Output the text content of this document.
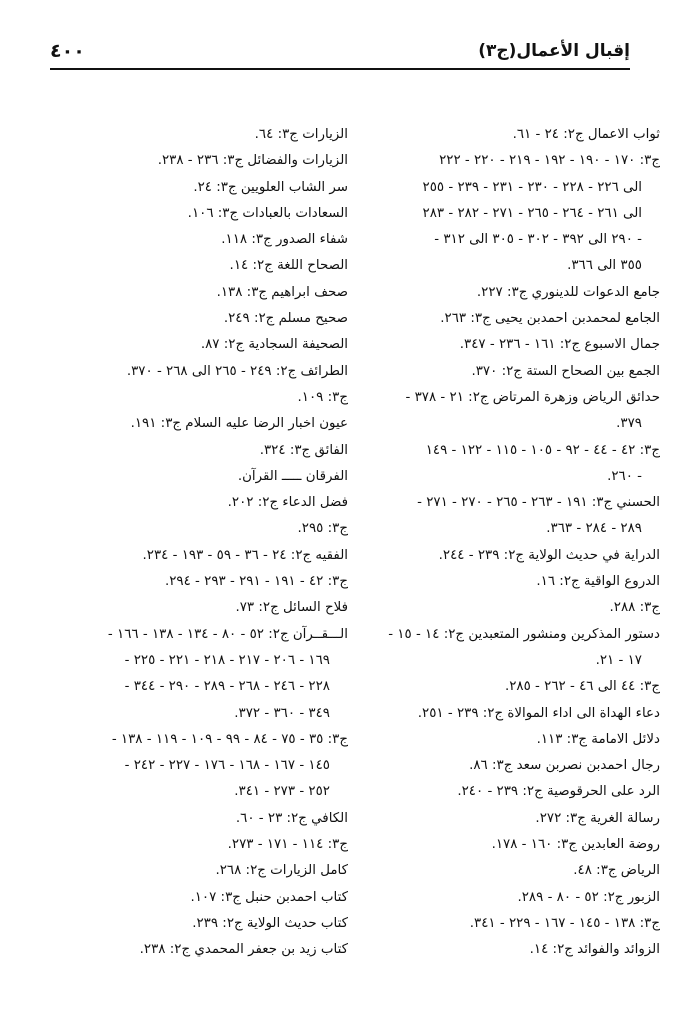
إقبال الأعمال(ج٣)
٤٠٠
ثواب الاعمال ج٢: ٢٤ - ٦١.
ج٣: ١٧٠ - ١٩٠ - ١٩٢ - ٢١٩ - ٢٢٠ - ٢٢٢
الى ٢٢٦ - ٢٢٨ - ٢٣٠ - ٢٣١ - ٢٣٩ - ٢٥٥
الى ٢٦١ - ٢٦٤ - ٢٦٥ - ٢٧١ - ٢٨٢ - ٢٨٣
- ٢٩٠ الى ٣٩٢ - ٣٠٢ - ٣٠٥ الى ٣١٢ -
٣٥٥ الى ٣٦٦.
جامع الدعوات للدينوري ج٣: ٢٢٧.
الجامع لمحمدبن احمدبن يحيى ج٣: ٢٦٣.
جمال الاسبوع ج٢: ١٦١ - ٢٣٦ - ٣٤٧.
الجمع بين الصحاح الستة ج٢: ٣٧٠.
حدائق الرياض وزهرة المرتاض ج٢: ٢١ - ٣٧٨ -
٣٧٩.
ج٣: ٤٢ - ٤٤ - ٩٢ - ١٠٥ - ١١٥ - ١٢٢ - ١٤٩
- ٢٦٠.
الحسني ج٣: ١٩١ - ٢٦٣ - ٢٦٥ - ٢٧٠ - ٢٧١ -
٢٨٩ - ٢٨٤ - ٣٦٣.
الدراية في حديث الولاية ج٢: ٢٣٩ - ٢٤٤.
الدروع الواقية ج٢: ١٦.
ج٣: ٢٨٨.
دستور المذكرين ومنشور المتعبدين ج٢: ١٤ - ١٥ -
١٧ - ٢١.
ج٣: ٤٤ الى ٤٦ - ٢٦٢ - ٢٨٥.
دعاء الهداة الى اداء الموالاة ج٢: ٢٣٩ - ٢٥١.
دلائل الامامة ج٣: ١١٣.
رجال احمدبن نصربن سعد ج٣: ٨٦.
الرد على الحرقوصية ج٢: ٢٣٩ - ٢٤٠.
رسالة الغرية ج٣: ٢٧٢.
روضة العابدين ج٣: ١٦٠ - ١٧٨.
الرياض ج٣: ٤٨.
الزبور ج٢: ٥٢ - ٨٠ - ٢٨٩.
ج٣: ١٣٨ - ١٤٥ - ١٦٧ - ٢٢٩ - ٣٤١.
الزوائد والفوائد ج٢: ١٤.
الزيارات ج٣: ٦٤.
الزيارات والفضائل ج٣: ٢٣٦ - ٢٣٨.
سر الشاب العلويين ج٣: ٢٤.
السعادات بالعبادات ج٣: ١٠٦.
شفاء الصدور ج٣: ١١٨.
الصحاح اللغة ج٢: ١٤.
صحف ابراهيم ج٣: ١٣٨.
صحيح مسلم ج٢: ٢٤٩.
الصحيفة السجادية ج٢: ٨٧.
الطرائف ج٢: ٢٤٩ - ٢٦٥ الى ٢٦٨ - ٣٧٠.
ج٣: ١٠٩.
عيون اخبار الرضا عليه السلام ج٣: ١٩١.
الفائق ج٣: ٣٢٤.
الفرقان ـــــ القرآن.
فضل الدعاء ج٢: ٢٠٢.
ج٣: ٢٩٥.
الفقيه ج٢: ٢٤ - ٣٦ - ٥٩ - ١٩٣ - ٢٣٤.
ج٣: ٤٢ - ١٩١ - ٢٩١ - ٢٩٣ - ٢٩٤.
فلاح السائل ج٢: ٧٣.
الـــقــرآن ج٢: ٥٢ - ٨٠ - ١٣٤ - ١٣٨ - ١٦٦ -
١٦٩ - ٢٠٦ - ٢١٧ - ٢١٨ - ٢٢١ - ٢٢٥ -
٢٢٨ - ٢٤٦ - ٢٦٨ - ٢٨٩ - ٢٩٠ - ٣٤٤ -
٣٤٩ - ٣٦٠ - ٣٧٢.
ج٣: ٣٥ - ٧٥ - ٨٤ - ٩٩ - ١٠٩ - ١١٩ - ١٣٨ -
١٤٥ - ١٦٧ - ١٦٨ - ١٧٦ - ٢٢٧ - ٢٤٢ -
٢٥٢ - ٢٧٣ - ٣٤١.
الكافي ج٢: ٢٣ - ٦٠.
ج٣: ١١٤ - ١٧١ - ٢٧٣.
كامل الزيارات ج٢: ٢٦٨.
كتاب احمدبن حنبل ج٣: ١٠٧.
كتاب حديث الولاية ج٢: ٢٣٩.
كتاب زيد بن جعفر المحمدي ج٢: ٢٣٨.
